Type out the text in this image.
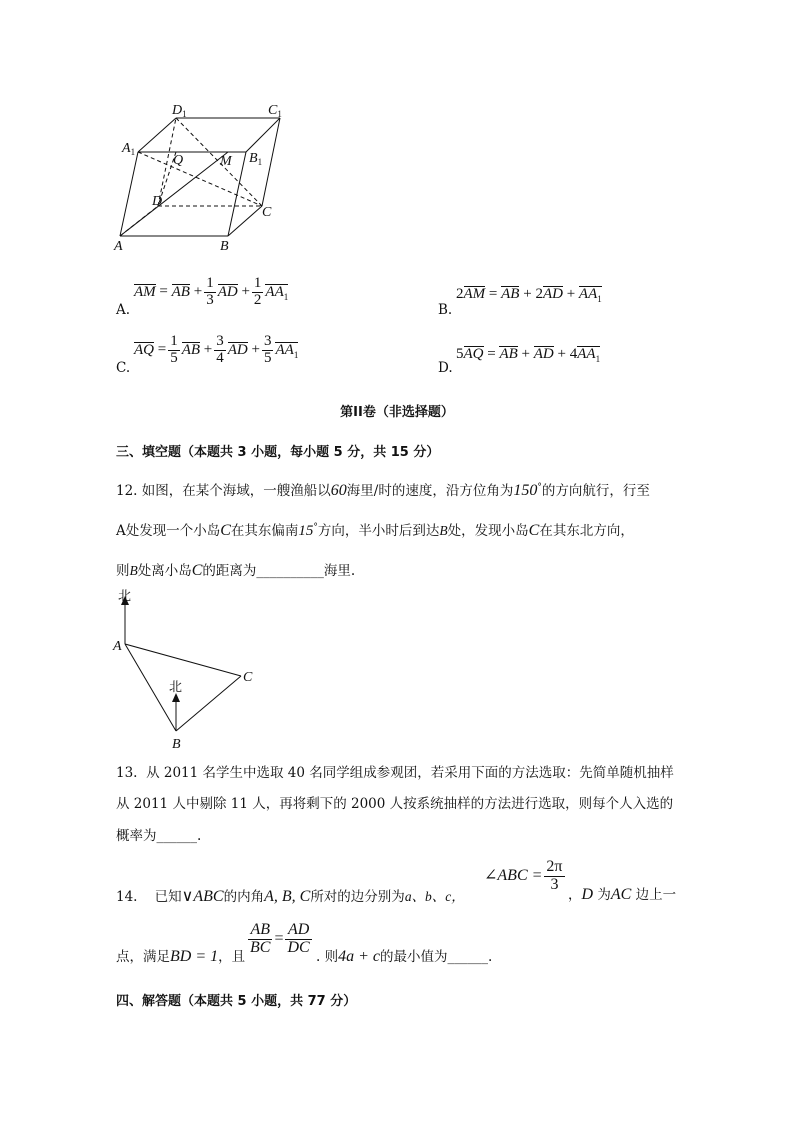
$D_1$	$C_1$
$A_1$
Q	M $B_1$
D
C
A	B
A.
AM = AB + $\frac{1}{3}$ AD + $\frac{1}{2} AA_1$
B.
2AM = AB + $2AD + AA_1$
C.
AQ = $\frac{1}{5}$ AB + $\frac{3}{4}$ AD + $\frac{3}{5} AA_1$
D.
5AQ = AB + AD + $4AA_1$
第II卷（非选择题）
三、填空题（本题共 3 小题，每小题 5 分，共 15 分）
12. 如图，在某个海域，一艘渔船以60海里/时的速度，沿方位角为150°的方向航行，行至
A处发现一个小岛C在其东偏南15°方向，半小时后到达B处，发现小岛C在其东北方向，
则B处离小岛C的距离为__________海里.
北
北
A
C
B
13. 从 2011 名学生中选取 40 名同学组成参观团，若采用下面的方法选取：先简单随机抽样
从 2011 人中剔除 11 人，再将剩下的 2000 人按系统抽样的方法进行选取，则每个人入选的
概率为______.
14. 已知∨ABC的内角A, B, C所对的边分别为a、b、c，
∠ABC = $\frac{2\pi}{3}$
，D 为AC 边上一
点，满足BD = 1，且
$\frac{AB}{BC} = \frac{AD}{DC}$
. 则4a + c的最小值为______.
四、解答题（本题共 5 小题，共 77 分）
